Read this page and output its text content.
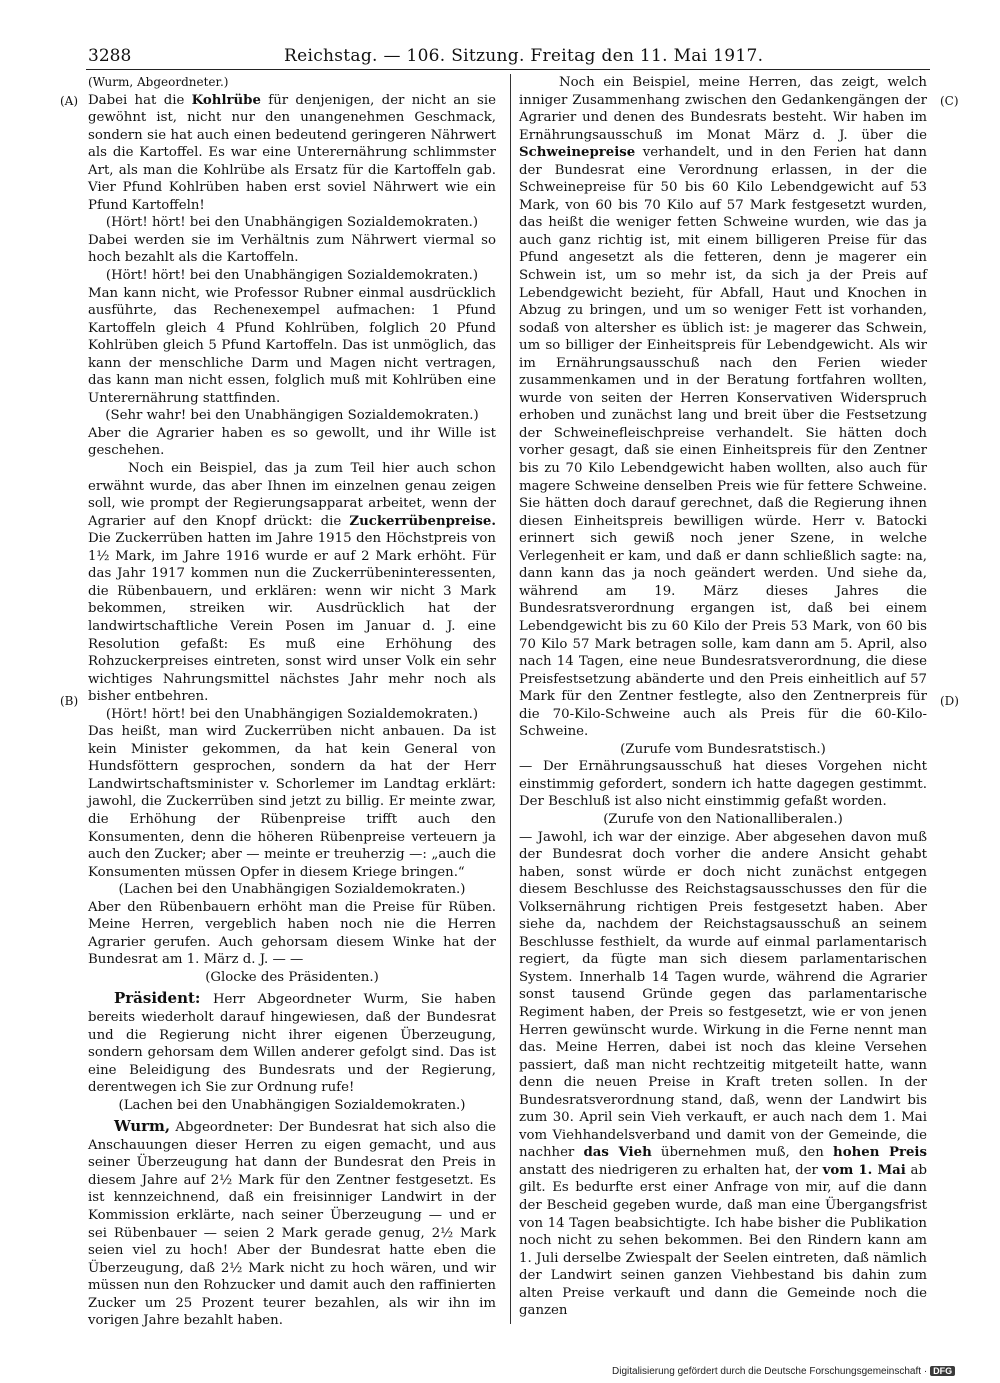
3288	Reichstag. — 106. Sitzung. Freitag den 11. Mai 1917.
(A)
(B)
(C)
(D)

(Wurm, Abgeordneter.)

Dabei hat die Kohlrübe für denjenigen, der nicht an sie gewöhnt ist, nicht nur den unangenehmen Geschmack, sondern sie hat auch einen bedeutend geringeren Nährwert als die Kartoffel. Es war eine Unterernährung schlimmster Art, als man die Kohlrübe als Ersatz für die Kartoffeln gab. Vier Pfund Kohlrüben haben erst soviel Nährwert wie ein Pfund Kartoffeln!

(Hört! hört! bei den Unabhängigen Sozialdemokraten.)

Dabei werden sie im Verhältnis zum Nährwert viermal so hoch bezahlt als die Kartoffeln.

(Hört! hört! bei den Unabhängigen Sozialdemokraten.)

Man kann nicht, wie Professor Rubner einmal ausdrücklich ausführte, das Rechenexempel aufmachen: 1 Pfund Kartoffeln gleich 4 Pfund Kohlrüben, folglich 20 Pfund Kohlrüben gleich 5 Pfund Kartoffeln. Das ist unmöglich, das kann der menschliche Darm und Magen nicht vertragen, das kann man nicht essen, folglich muß mit Kohlrüben eine Unterernährung stattfinden.

(Sehr wahr! bei den Unabhängigen Sozialdemokraten.)

Aber die Agrarier haben es so gewollt, und ihr Wille ist geschehen.

Noch ein Beispiel, das ja zum Teil hier auch schon erwähnt wurde, das aber Ihnen im einzelnen genau zeigen soll, wie prompt der Regierungsapparat arbeitet, wenn der Agrarier auf den Knopf drückt: die Zuckerrübenpreise. Die Zuckerrüben hatten im Jahre 1915 den Höchstpreis von 1½ Mark, im Jahre 1916 wurde er auf 2 Mark erhöht. Für das Jahr 1917 kommen nun die Zuckerrübeninteressenten, die Rübenbauern, und erklären: wenn wir nicht 3 Mark bekommen, streiken wir. Ausdrücklich hat der landwirtschaftliche Verein Posen im Januar d. J. eine Resolution gefaßt: Es muß eine Erhöhung des Rohzuckerpreises eintreten, sonst wird unser Volk ein sehr wichtiges Nahrungsmittel nächstes Jahr mehr noch als bisher entbehren.

(Hört! hört! bei den Unabhängigen Sozialdemokraten.)

Das heißt, man wird Zuckerrüben nicht anbauen. Da ist kein Minister gekommen, da hat kein General von Hundsföttern gesprochen, sondern da hat der Herr Landwirtschaftsminister v. Schorlemer im Landtag erklärt: jawohl, die Zuckerrüben sind jetzt zu billig. Er meinte zwar, die Erhöhung der Rübenpreise trifft auch den Konsumenten, denn die höheren Rübenpreise verteuern ja auch den Zucker; aber — meinte er treuherzig —: „auch die Konsumenten müssen Opfer in diesem Kriege bringen.“

(Lachen bei den Unabhängigen Sozialdemokraten.)

Aber den Rübenbauern erhöht man die Preise für Rüben. Meine Herren, vergeblich haben noch nie die Herren Agrarier gerufen. Auch gehorsam diesem Winke hat der Bundesrat am 1. März d. J. — —

(Glocke des Präsidenten.)

Präsident: Herr Abgeordneter Wurm, Sie haben bereits wiederholt darauf hingewiesen, daß der Bundesrat und die Regierung nicht ihrer eigenen Überzeugung, sondern gehorsam dem Willen anderer gefolgt sind. Das ist eine Beleidigung des Bundesrats und der Regierung, derentwegen ich Sie zur Ordnung rufe!

(Lachen bei den Unabhängigen Sozialdemokraten.)

Wurm, Abgeordneter: Der Bundesrat hat sich also die Anschauungen dieser Herren zu eigen gemacht, und aus seiner Überzeugung hat dann der Bundesrat den Preis in diesem Jahre auf 2½ Mark für den Zentner festgesetzt. Es ist kennzeichnend, daß ein freisinniger Landwirt in der Kommission erklärte, nach seiner Überzeugung — und er sei Rübenbauer — seien 2 Mark gerade genug, 2½ Mark seien viel zu hoch! Aber der Bundesrat hatte eben die Überzeugung, daß 2½ Mark nicht zu hoch wären, und wir müssen nun den Rohzucker und damit auch den raffinierten Zucker um 25 Prozent teurer bezahlen, als wir ihn im vorigen Jahre bezahlt haben.

Noch ein Beispiel, meine Herren, das zeigt, welch inniger Zusammenhang zwischen den Gedankengängen der Agrarier und denen des Bundesrats besteht. Wir haben im Ernährungsausschuß im Monat März d. J. über die Schweinepreise verhandelt, und in den Ferien hat dann der Bundesrat eine Verordnung erlassen, in der die Schweinepreise für 50 bis 60 Kilo Lebendgewicht auf 53 Mark, von 60 bis 70 Kilo auf 57 Mark festgesetzt wurden, das heißt die weniger fetten Schweine wurden, wie das ja auch ganz richtig ist, mit einem billigeren Preise für das Pfund angesetzt als die fetteren, denn je magerer ein Schwein ist, um so mehr ist, da sich ja der Preis auf Lebendgewicht bezieht, für Abfall, Haut und Knochen in Abzug zu bringen, und um so weniger Fett ist vorhanden, sodaß von altersher es üblich ist: je magerer das Schwein, um so billiger der Einheitspreis für Lebendgewicht. Als wir im Ernährungsausschuß nach den Ferien wieder zusammenkamen und in der Beratung fortfahren wollten, wurde von seiten der Herren Konservativen Widerspruch erhoben und zunächst lang und breit über die Festsetzung der Schweinefleischpreise verhandelt. Sie hätten doch vorher gesagt, daß sie einen Einheitspreis für den Zentner bis zu 70 Kilo Lebendgewicht haben wollten, also auch für magere Schweine denselben Preis wie für fettere Schweine. Sie hätten doch darauf gerechnet, daß die Regierung ihnen diesen Einheitspreis bewilligen würde. Herr v. Batocki erinnert sich gewiß noch jener Szene, in welche Verlegenheit er kam, und daß er dann schließlich sagte: na, dann kann das ja noch geändert werden. Und siehe da, während am 19. März dieses Jahres die Bundesratsverordnung ergangen ist, daß bei einem Lebendgewicht bis zu 60 Kilo der Preis 53 Mark, von 60 bis 70 Kilo 57 Mark betragen solle, kam dann am 5. April, also nach 14 Tagen, eine neue Bundesratsverordnung, die diese Preisfestsetzung abänderte und den Preis einheitlich auf 57 Mark für den Zentner festlegte, also den Zentnerpreis für die 70-Kilo-Schweine auch als Preis für die 60-Kilo-Schweine.

(Zurufe vom Bundesratstisch.)

— Der Ernährungsausschuß hat dieses Vorgehen nicht einstimmig gefordert, sondern ich hatte dagegen gestimmt. Der Beschluß ist also nicht einstimmig gefaßt worden.

(Zurufe von den Nationalliberalen.)

— Jawohl, ich war der einzige. Aber abgesehen davon muß der Bundesrat doch vorher die andere Ansicht gehabt haben, sonst würde er doch nicht zunächst entgegen diesem Beschlusse des Reichstagsausschusses den für die Volksernährung richtigen Preis festgesetzt haben. Aber siehe da, nachdem der Reichstagsausschuß an seinem Beschlusse festhielt, da wurde auf einmal parlamentarisch regiert, da fügte man sich diesem parlamentarischen System. Innerhalb 14 Tagen wurde, während die Agrarier sonst tausend Gründe gegen das parlamentarische Regiment haben, der Preis so festgesetzt, wie er von jenen Herren gewünscht wurde. Wirkung in die Ferne nennt man das. Meine Herren, dabei ist noch das kleine Versehen passiert, daß man nicht rechtzeitig mitgeteilt hatte, wann denn die neuen Preise in Kraft treten sollen. In der Bundesratsverordnung stand, daß, wenn der Landwirt bis zum 30. April sein Vieh verkauft, er auch nach dem 1. Mai vom Viehhandelsverband und damit von der Gemeinde, die nachher das Vieh übernehmen muß, den hohen Preis anstatt des niedrigeren zu erhalten hat, der vom 1. Mai ab gilt. Es bedurfte erst einer Anfrage von mir, auf die dann der Bescheid gegeben wurde, daß man eine Übergangsfrist von 14 Tagen beabsichtigte. Ich habe bisher die Publikation noch nicht zu sehen bekommen. Bei den Rindern kann am 1. Juli derselbe Zwiespalt der Seelen eintreten, daß nämlich der Landwirt seinen ganzen Viehbestand bis dahin zum alten Preise verkauft und dann die Gemeinde noch die ganzen

Digitalisierung gefördert durch die Deutsche Forschungsgemeinschaft · DFG
